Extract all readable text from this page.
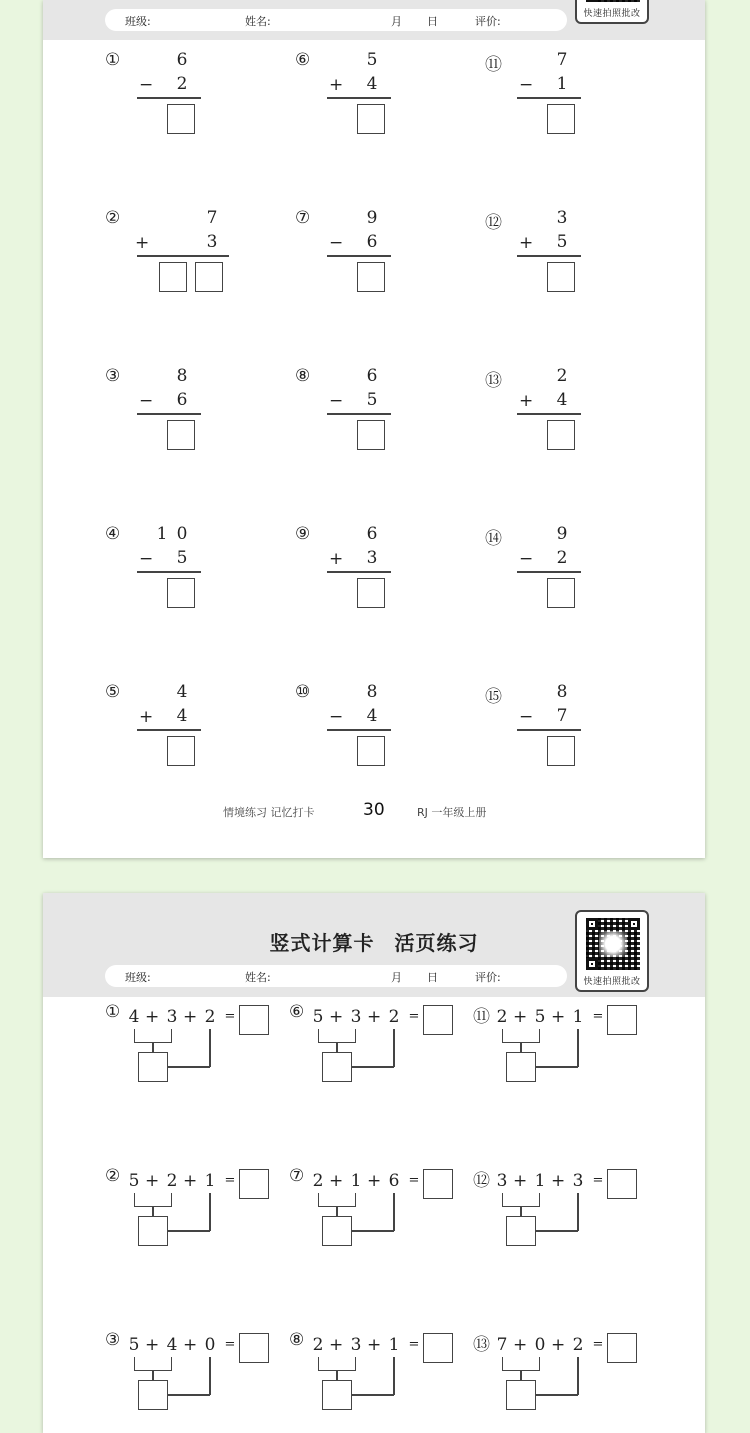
班级:	姓名:	月 日	评价:
快速拍照批改
①	6
− 2
②	7
+	3
③	8
− 6
④ 1 0
− 5
⑤	4
+ 4
⑥	5
+ 4
⑦	9
− 6
⑧	6
− 5
⑨	6
+ 3
⑩	8
− 4
⑪	7
− 1
⑫	3
+ 5
⑬	2
+ 4
⑭	9
− 2
⑮	8
− 7
情境练习 记忆打卡	30	RJ 一年级上册
竖式计算卡 活页练习
班级:	姓名:	月 日	评价:	快速拍照批改
① 4 + 3 + 2 =
② 5 + 2 + 1 =
③ 5 + 4 + 0 =
⑥ 5 + 3 + 2 =
⑦ 2 + 1 + 6 =
⑧ 2 + 3 + 1 =
⑪ 2 + 5 + 1 =
⑫ 3 + 1 + 3 =
⑬ 7 + 0 + 2 =
